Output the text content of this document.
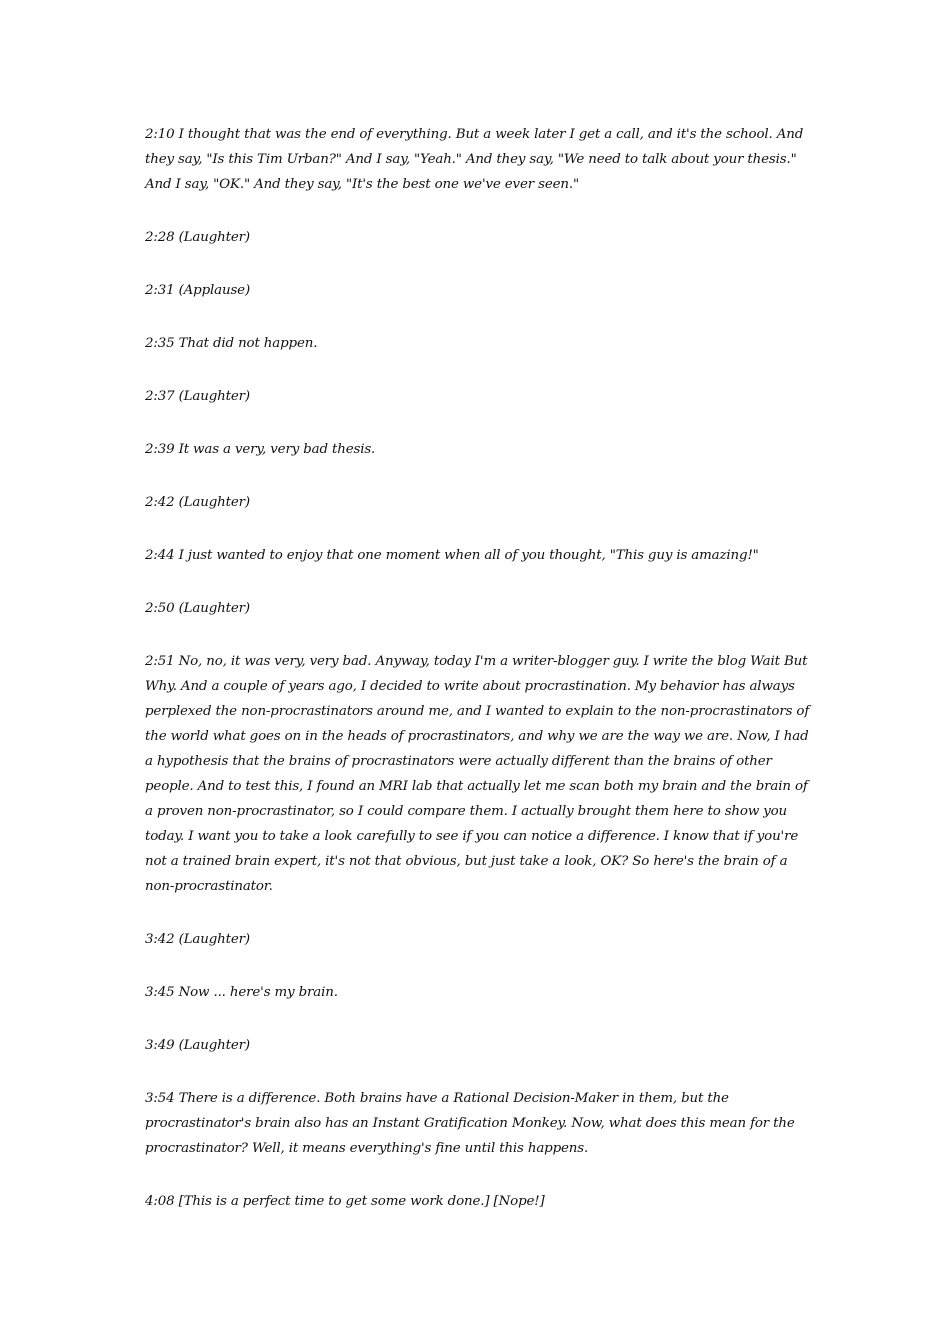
2:10 I thought that was the end of everything. But a week later I get a call, and it's the school. And they say, "Is this Tim Urban?" And I say, "Yeah." And they say, "We need to talk about your thesis." And I say, "OK." And they say, "It's the best one we've ever seen."

2:28 (Laughter)

2:31 (Applause)

2:35 That did not happen.

2:37 (Laughter)

2:39 It was a very, very bad thesis.

2:42 (Laughter)

2:44 I just wanted to enjoy that one moment when all of you thought, "This guy is amazing!"

2:50 (Laughter)

2:51 No, no, it was very, very bad. Anyway, today I'm a writer-blogger guy. I write the blog Wait But Why. And a couple of years ago, I decided to write about procrastination. My behavior has always perplexed the non-procrastinators around me, and I wanted to explain to the non-procrastinators of the world what goes on in the heads of procrastinators, and why we are the way we are. Now, I had a hypothesis that the brains of procrastinators were actually different than the brains of other people. And to test this, I found an MRI lab that actually let me scan both my brain and the brain of a proven non-procrastinator, so I could compare them. I actually brought them here to show you today. I want you to take a look carefully to see if you can notice a difference. I know that if you're not a trained brain expert, it's not that obvious, but just take a look, OK? So here's the brain of a non-procrastinator.

3:42 (Laughter)

3:45 Now ... here's my brain.

3:49 (Laughter)

3:54 There is a difference. Both brains have a Rational Decision-Maker in them, but the procrastinator's brain also has an Instant Gratification Monkey. Now, what does this mean for the procrastinator? Well, it means everything's fine until this happens.

4:08 [This is a perfect time to get some work done.] [Nope!]
